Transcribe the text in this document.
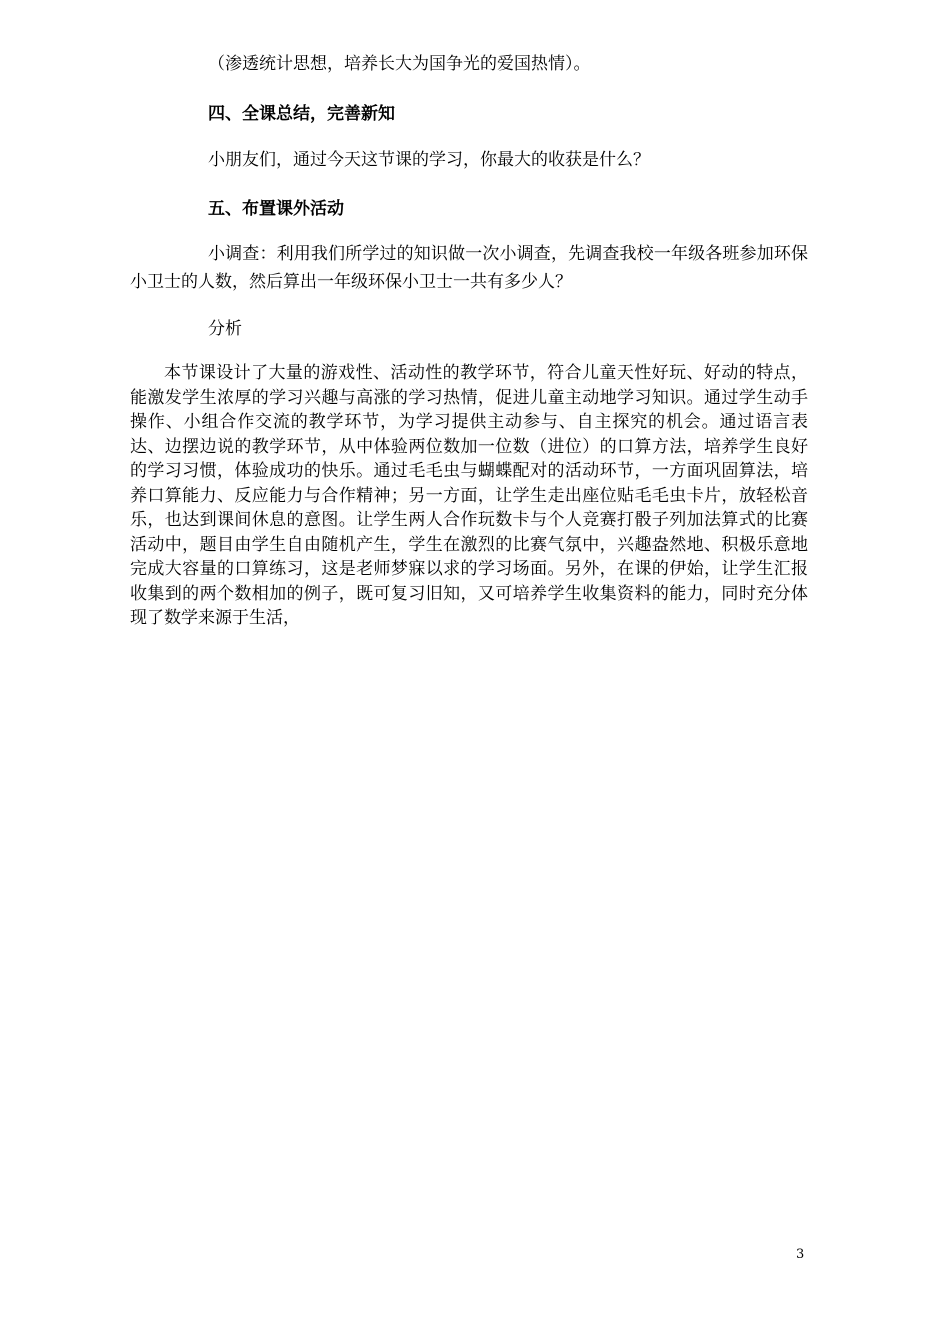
（渗透统计思想，培养长大为国争光的爱国热情）。

四、全课总结，完善新知

小朋友们，通过今天这节课的学习，你最大的收获是什么？

五、布置课外活动

小调查：利用我们所学过的知识做一次小调查，先调查我校一年级各班参加环保小卫士的人数，然后算出一年级环保小卫士一共有多少人？

分析

本节课设计了大量的游戏性、活动性的教学环节，符合儿童天性好玩、好动的特点，能激发学生浓厚的学习兴趣与高涨的学习热情，促进儿童主动地学习知识。通过学生动手操作、小组合作交流的教学环节，为学习提供主动参与、自主探究的机会。通过语言表达、边摆边说的教学环节，从中体验两位数加一位数（进位）的口算方法，培养学生良好的学习习惯，体验成功的快乐。通过毛毛虫与蝴蝶配对的活动环节，一方面巩固算法，培养口算能力、反应能力与合作精神；另一方面，让学生走出座位贴毛毛虫卡片，放轻松音乐，也达到课间休息的意图。让学生两人合作玩数卡与个人竞赛打骰子列加法算式的比赛活动中，题目由学生自由随机产生，学生在激烈的比赛气氛中，兴趣盎然地、积极乐意地完成大容量的口算练习，这是老师梦寐以求的学习场面。另外，在课的伊始，让学生汇报收集到的两个数相加的例子，既可复习旧知，又可培养学生收集资料的能力，同时充分体现了数学来源于生活，

3
